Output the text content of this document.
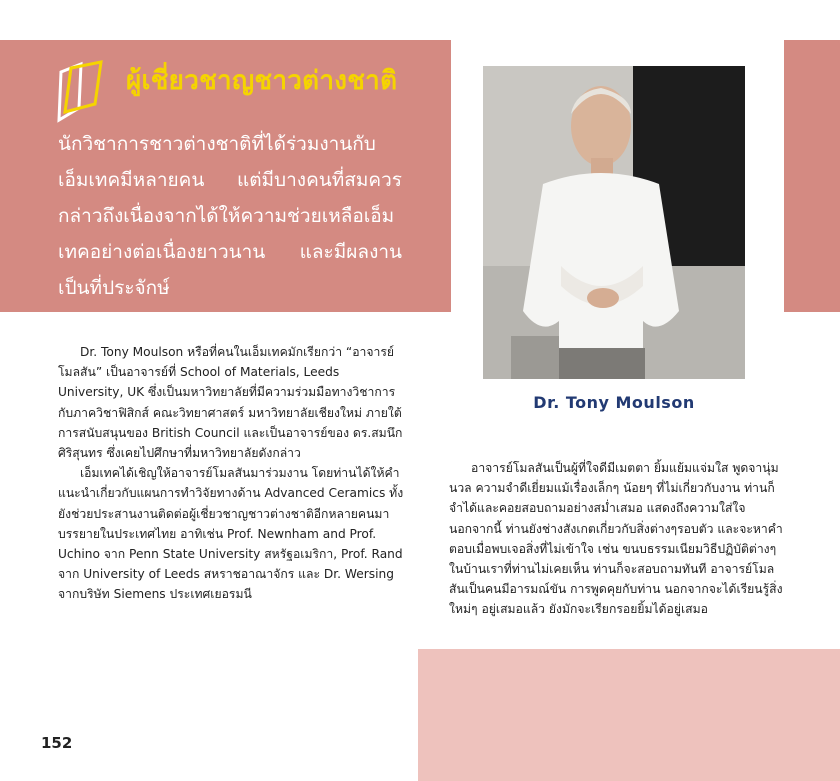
ผู้เชี่ยวชาญชาวต่างชาติ

นักวิชาการชาวต่างชาติที่ได้ร่วมงานกับเอ็มเทคมีหลายคน แต่มีบางคนที่สมควรกล่าวถึงเนื่องจากได้ให้ความช่วยเหลือเอ็มเทคอย่างต่อเนื่องยาวนาน และมีผลงานเป็นที่ประจักษ์

Dr. Tony Moulson

Dr. Tony Moulson หรือที่คนในเอ็มเทคมักเรียกว่า “อาจารย์โมลสัน” เป็นอาจารย์ที่ School of Materials, Leeds University, UK ซึ่งเป็นมหาวิทยาลัยที่มีความร่วมมือทางวิชาการกับภาควิชาฟิสิกส์ คณะวิทยาศาสตร์ มหาวิทยาลัยเชียงใหม่ ภายใต้การสนับสนุนของ British Council และเป็นอาจารย์ของ ดร.สมนึก ศิริสุนทร ซึ่งเคยไปศึกษาที่มหาวิทยาลัยดังกล่าว

เอ็มเทคได้เชิญให้อาจารย์โมลสันมาร่วมงาน โดยท่านได้ให้คำแนะนำเกี่ยวกับแผนการทำวิจัยทางด้าน Advanced Ceramics ทั้งยังช่วยประสานงานติดต่อผู้เชี่ยวชาญชาวต่างชาติอีกหลายคนมาบรรยายในประเทศไทย อาทิเช่น Prof. Newnham and Prof. Uchino จาก Penn State University สหรัฐอเมริกา, Prof. Rand จาก University of Leeds สหราชอาณาจักร และ Dr. Wersing จากบริษัท Siemens ประเทศเยอรมนี

อาจารย์โมลสันเป็นผู้ที่ใจดีมีเมตตา ยิ้มแย้มแจ่มใส พูดจานุ่มนวล ความจำดีเยี่ยมแม้เรื่องเล็กๆ น้อยๆ ที่ไม่เกี่ยวกับงาน ท่านก็จำได้และคอยสอบถามอย่างสม่ำเสมอ แสดงถึงความใส่ใจ นอกจากนี้ ท่านยังช่างสังเกตเกี่ยวกับสิ่งต่างๆรอบตัว และจะหาคำตอบเมื่อพบเจอสิ่งที่ไม่เข้าใจ เช่น ขนบธรรมเนียมวิธีปฏิบัติต่างๆ ในบ้านเราที่ท่านไม่เคยเห็น ท่านก็จะสอบถามทันที อาจารย์โมลสันเป็นคนมีอารมณ์ขัน การพูดคุยกับท่าน นอกจากจะได้เรียนรู้สิ่งใหม่ๆ อยู่เสมอแล้ว ยังมักจะเรียกรอยยิ้มได้อยู่เสมอ

152
